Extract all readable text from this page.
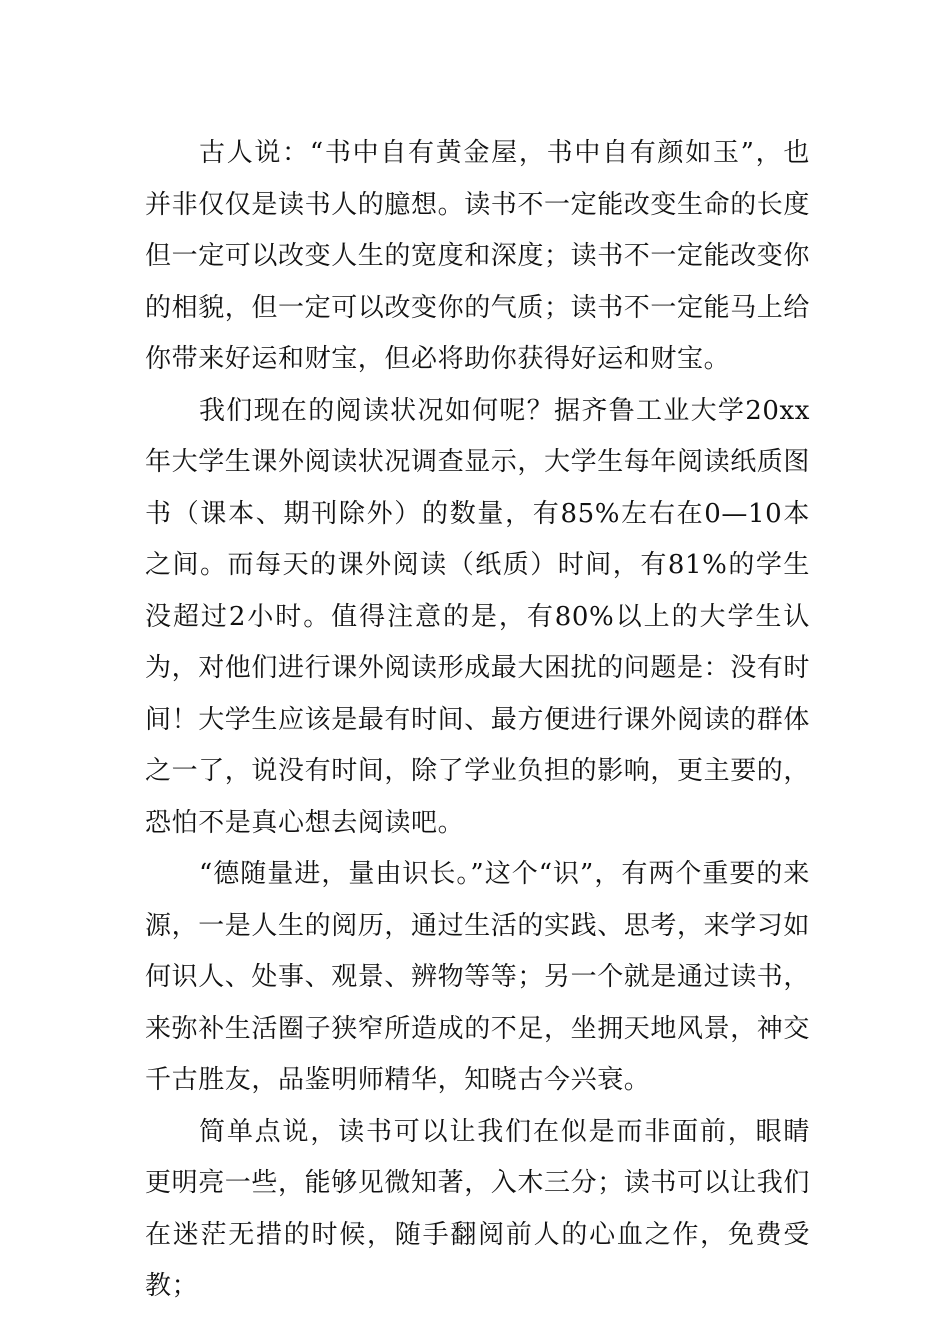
古人说：“书中自有黄金屋，书中自有颜如玉”，也并非仅仅是读书人的臆想。读书不一定能改变生命的长度但一定可以改变人生的宽度和深度；读书不一定能改变你的相貌，但一定可以改变你的气质；读书不一定能马上给你带来好运和财宝，但必将助你获得好运和财宝。

我们现在的阅读状况如何呢？据齐鲁工业大学20xx年大学生课外阅读状况调查显示，大学生每年阅读纸质图书（课本、期刊除外）的数量，有85%左右在0—10本之间。而每天的课外阅读（纸质）时间，有81%的学生没超过2小时。值得注意的是，有80%以上的大学生认为，对他们进行课外阅读形成最大困扰的问题是：没有时间！大学生应该是最有时间、最方便进行课外阅读的群体之一了，说没有时间，除了学业负担的影响，更主要的，恐怕不是真心想去阅读吧。

“德随量进，量由识长。”这个“识”，有两个重要的来源，一是人生的阅历，通过生活的实践、思考，来学习如何识人、处事、观景、辨物等等；另一个就是通过读书，来弥补生活圈子狭窄所造成的不足，坐拥天地风景，神交千古胜友，品鉴明师精华，知晓古今兴衰。

简单点说，读书可以让我们在似是而非面前，眼睛更明亮一些，能够见微知著，入木三分；读书可以让我们在迷茫无措的时候，随手翻阅前人的心血之作，免费受教；
